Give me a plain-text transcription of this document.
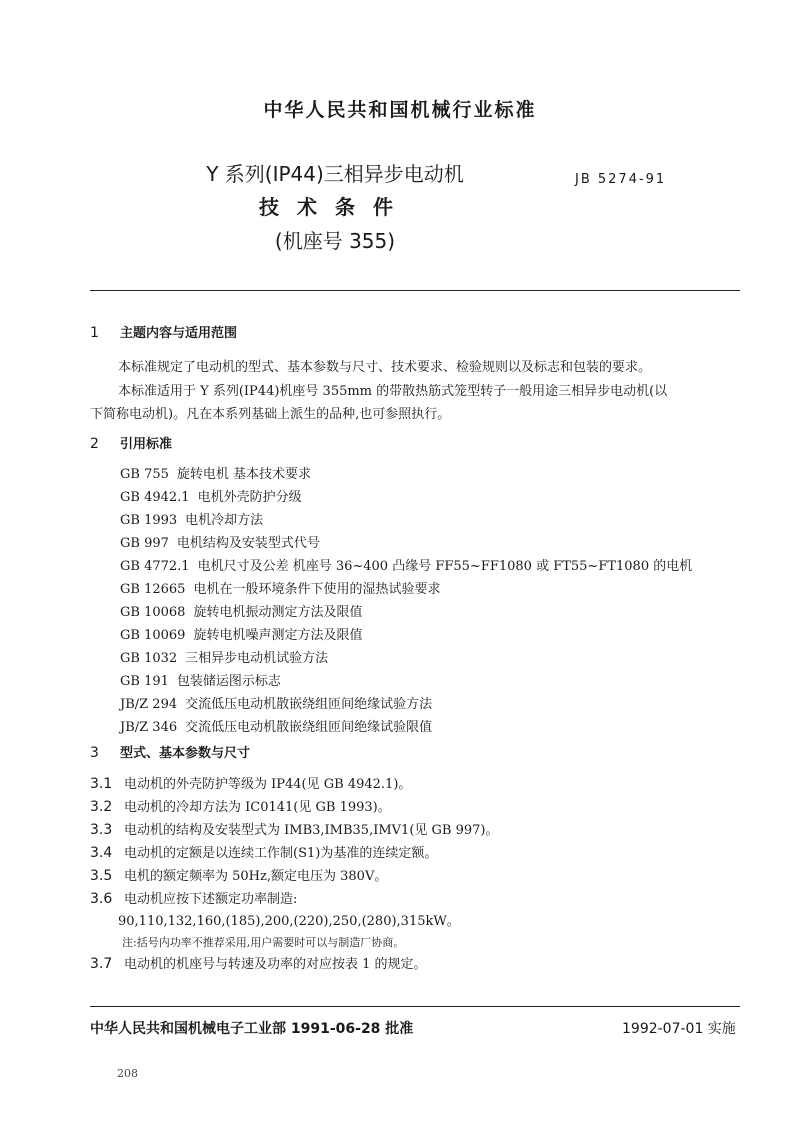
中华人民共和国机械行业标准
Y 系列(IP44)三相异步电动机
技术条件
(机座号 355)
JB 5274-91
1 主题内容与适用范围
本标准规定了电动机的型式、基本参数与尺寸、技术要求、检验规则以及标志和包装的要求。
本标准适用于 Y 系列(IP44)机座号 355mm 的带散热筋式笼型转子一般用途三相异步电动机(以
下简称电动机)。凡在本系列基础上派生的品种,也可参照执行。
2 引用标准
GB 755 旋转电机 基本技术要求
GB 4942.1 电机外壳防护分级
GB 1993 电机冷却方法
GB 997 电机结构及安装型式代号
GB 4772.1 电机尺寸及公差 机座号 36~400 凸缘号 FF55~FF1080 或 FT55~FT1080 的电机
GB 12665 电机在一般环境条件下使用的湿热试验要求
GB 10068 旋转电机振动测定方法及限值
GB 10069 旋转电机噪声测定方法及限值
GB 1032 三相异步电动机试验方法
GB 191 包装储运图示标志
JB/Z 294 交流低压电动机散嵌绕组匝间绝缘试验方法
JB/Z 346 交流低压电动机散嵌绕组匝间绝缘试验限值
3 型式、基本参数与尺寸
3.1 电动机的外壳防护等级为 IP44(见 GB 4942.1)。
3.2 电动机的冷却方法为 IC0141(见 GB 1993)。
3.3 电动机的结构及安装型式为 IMB3,IMB35,IMV1(见 GB 997)。
3.4 电动机的定额是以连续工作制(S1)为基准的连续定额。
3.5 电机的额定频率为 50Hz,额定电压为 380V。
3.6 电动机应按下述额定功率制造:
90,110,132,160,(185),200,(220),250,(280),315kW。
注:括号内功率不推荐采用,用户需要时可以与制造厂协商。
3.7 电动机的机座号与转速及功率的对应按表 1 的规定。
中华人民共和国机械电子工业部 1991-06-28 批准	1992-07-01 实施
208
